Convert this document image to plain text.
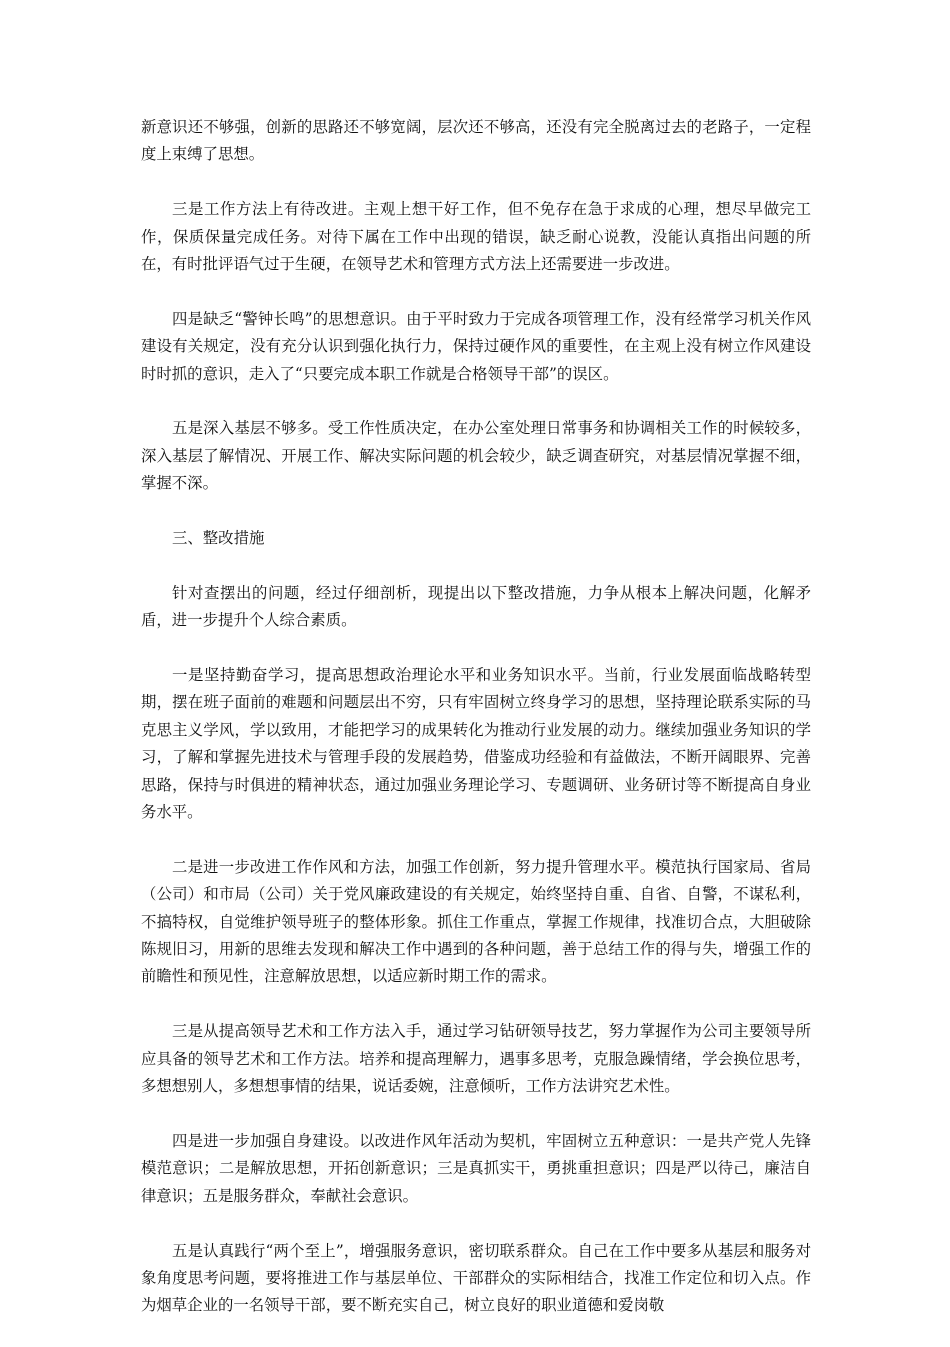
新意识还不够强，创新的思路还不够宽阔，层次还不够高，还没有完全脱离过去的老路子，一定程度上束缚了思想。

三是工作方法上有待改进。主观上想干好工作，但不免存在急于求成的心理，想尽早做完工作，保质保量完成任务。对待下属在工作中出现的错误，缺乏耐心说教，没能认真指出问题的所在，有时批评语气过于生硬，在领导艺术和管理方式方法上还需要进一步改进。

四是缺乏“警钟长鸣”的思想意识。由于平时致力于完成各项管理工作，没有经常学习机关作风建设有关规定，没有充分认识到强化执行力，保持过硬作风的重要性，在主观上没有树立作风建设时时抓的意识，走入了“只要完成本职工作就是合格领导干部”的误区。

五是深入基层不够多。受工作性质决定，在办公室处理日常事务和协调相关工作的时候较多，深入基层了解情况、开展工作、解决实际问题的机会较少，缺乏调查研究，对基层情况掌握不细，掌握不深。

三、整改措施

针对查摆出的问题，经过仔细剖析，现提出以下整改措施，力争从根本上解决问题，化解矛盾，进一步提升个人综合素质。

一是坚持勤奋学习，提高思想政治理论水平和业务知识水平。当前，行业发展面临战略转型期，摆在班子面前的难题和问题层出不穷，只有牢固树立终身学习的思想，坚持理论联系实际的马克思主义学风，学以致用，才能把学习的成果转化为推动行业发展的动力。继续加强业务知识的学习，了解和掌握先进技术与管理手段的发展趋势，借鉴成功经验和有益做法，不断开阔眼界、完善思路，保持与时俱进的精神状态，通过加强业务理论学习、专题调研、业务研讨等不断提高自身业务水平。

二是进一步改进工作作风和方法，加强工作创新，努力提升管理水平。模范执行国家局、省局（公司）和市局（公司）关于党风廉政建设的有关规定，始终坚持自重、自省、自警，不谋私利，不搞特权，自觉维护领导班子的整体形象。抓住工作重点，掌握工作规律，找准切合点，大胆破除陈规旧习，用新的思维去发现和解决工作中遇到的各种问题，善于总结工作的得与失，增强工作的前瞻性和预见性，注意解放思想，以适应新时期工作的需求。

三是从提高领导艺术和工作方法入手，通过学习钻研领导技艺，努力掌握作为公司主要领导所应具备的领导艺术和工作方法。培养和提高理解力，遇事多思考，克服急躁情绪，学会换位思考，多想想别人，多想想事情的结果，说话委婉，注意倾听，工作方法讲究艺术性。

四是进一步加强自身建设。以改进作风年活动为契机，牢固树立五种意识：一是共产党人先锋模范意识；二是解放思想，开拓创新意识；三是真抓实干，勇挑重担意识；四是严以待己，廉洁自律意识；五是服务群众，奉献社会意识。

五是认真践行“两个至上”，增强服务意识，密切联系群众。自己在工作中要多从基层和服务对象角度思考问题，要将推进工作与基层单位、干部群众的实际相结合，找准工作定位和切入点。作为烟草企业的一名领导干部，要不断充实自己，树立良好的职业道德和爱岗敬
